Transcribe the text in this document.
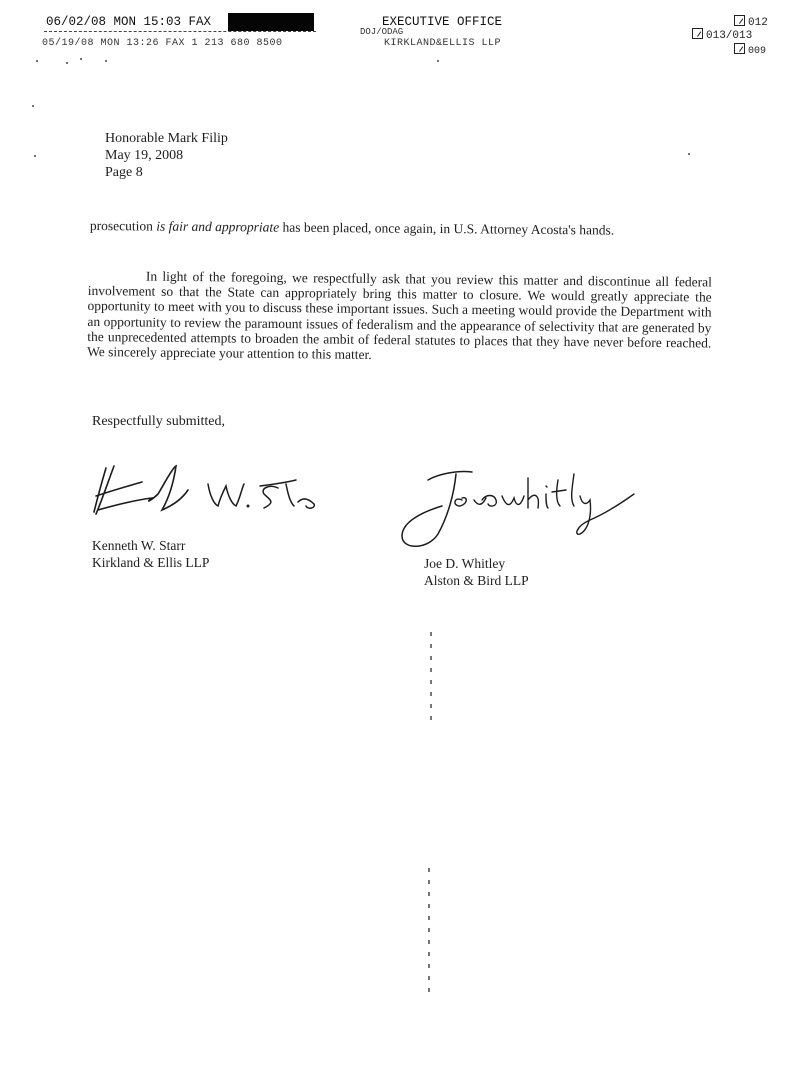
06/02/08 MON 15:03 FAX	EXECUTIVE OFFICE	012
05/19/08 MON 13:26 FAX 1 213 680 8500
DOJ/ODAG
KIRKLAND&ELLIS LLP
013/013
009
Honorable Mark Filip
May 19, 2008
Page 8
prosecution is fair and appropriate has been placed, once again, in U.S. Attorney Acosta's hands.
In light of the foregoing, we respectfully ask that you review this matter and discontinue all federal involvement so that the State can appropriately bring this matter to closure. We would greatly appreciate the opportunity to meet with you to discuss these important issues. Such a meeting would provide the Department with an opportunity to review the paramount issues of federalism and the appearance of selectivity that are generated by the unprecedented attempts to broaden the ambit of federal statutes to places that they have never before reached. We sincerely appreciate your attention to this matter.
Respectfully submitted,
Kenneth W. Starr
Kirkland & Ellis LLP	Joe D. Whitley
Alston & Bird LLP
